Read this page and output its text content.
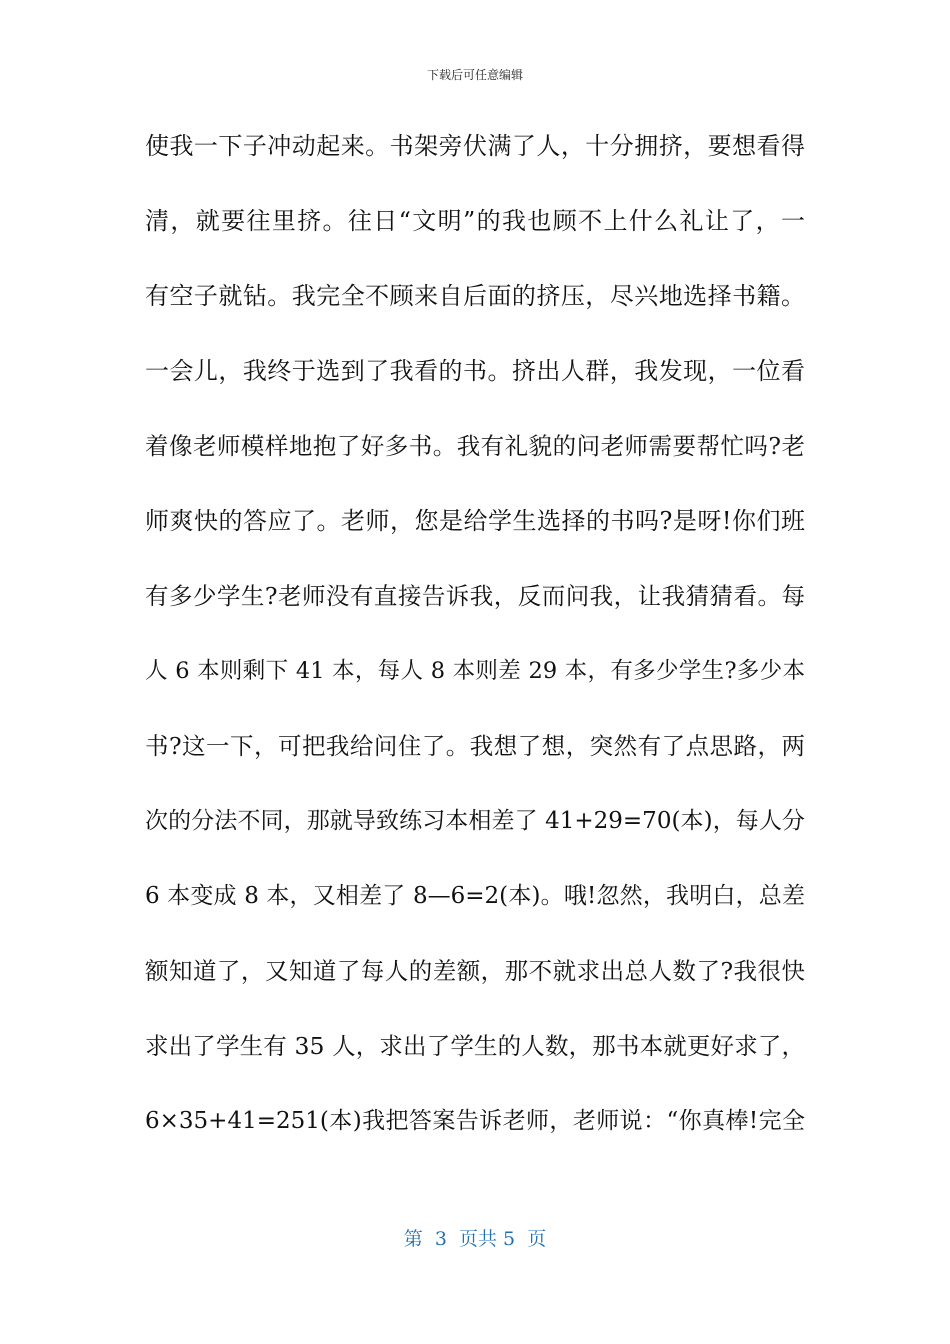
下载后可任意编辑
使我一下子冲动起来。书架旁伏满了人，十分拥挤，要想看得
清，就要往里挤。往日“文明”的我也顾不上什么礼让了，一
有空子就钻。我完全不顾来自后面的挤压，尽兴地选择书籍。
一会儿，我终于选到了我看的书。挤出人群，我发现，一位看
着像老师模样地抱了好多书。我有礼貌的问老师需要帮忙吗?老
师爽快的答应了。老师，您是给学生选择的书吗?是呀!你们班
有多少学生?老师没有直接告诉我，反而问我，让我猜猜看。每
人 6 本则剩下 41 本，每人 8 本则差 29 本，有多少学生?多少本
书?这一下，可把我给问住了。我想了想，突然有了点思路，两
次的分法不同，那就导致练习本相差了 41+29=70(本)，每人分
6 本变成 8 本，又相差了 8—6=2(本)。哦!忽然，我明白，总差
额知道了，又知道了每人的差额，那不就求出总人数了?我很快
求出了学生有 35 人，求出了学生的人数，那书本就更好求了，
6×35+41=251(本)我把答案告诉老师，老师说：“你真棒!完全
第  3  页共 5  页
